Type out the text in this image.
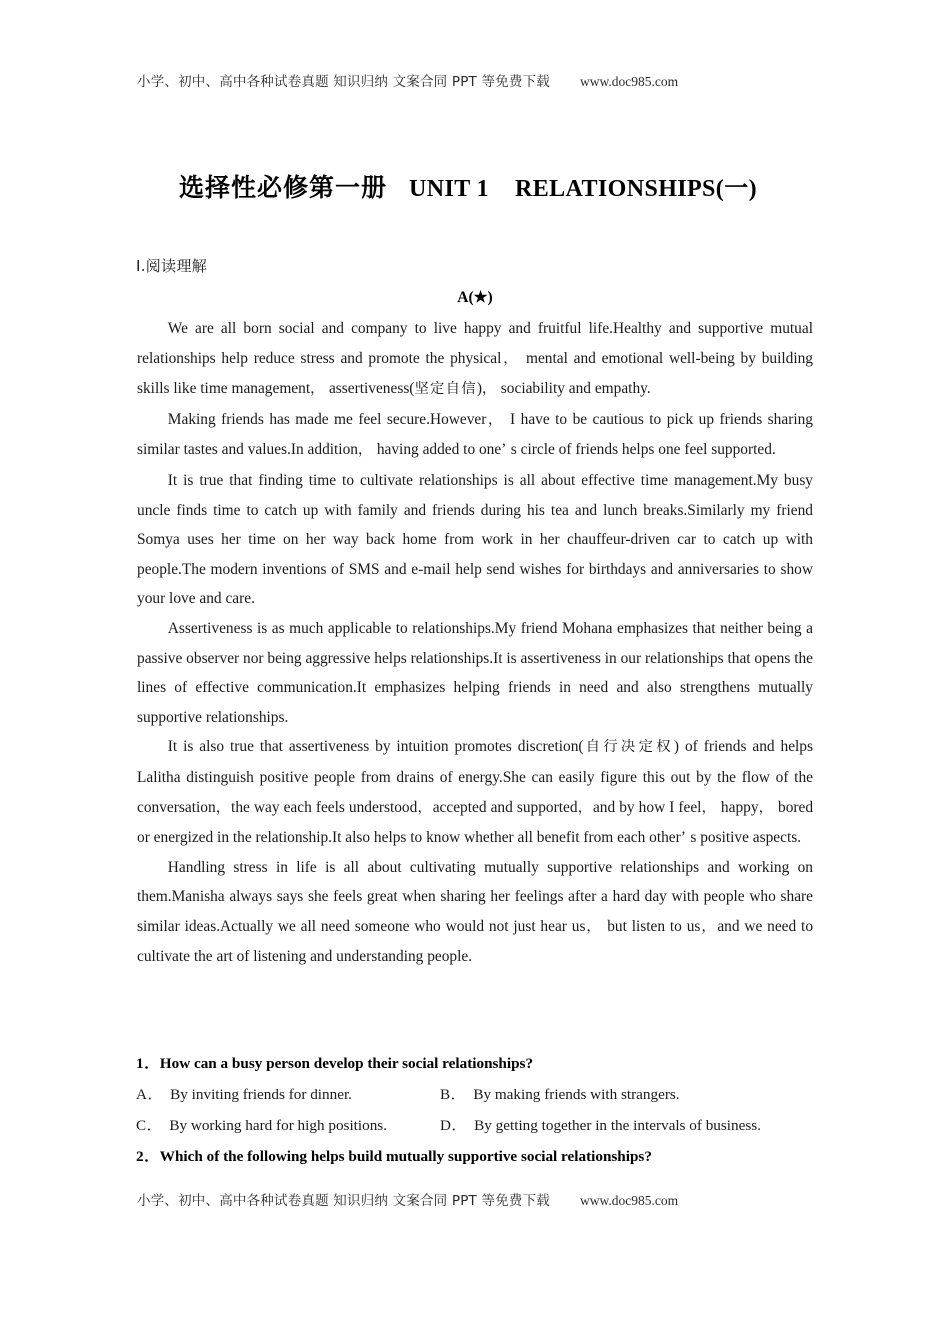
小学、初中、高中各种试卷真题 知识归纳 文案合同 PPT 等免费下载 www.doc985.com
选择性必修第一册 UNIT 1 RELATIONSHIPS(一)
Ⅰ.阅读理解
A(★)

We are all born social and company to live happy and fruitful life.Healthy and supportive mutual relationships help reduce stress and promote the physical， mental and emotional well-being by building skills like time management， assertiveness(坚定自信)， sociability and empathy.

Making friends has made me feel secure.However， I have to be cautious to pick up friends sharing similar tastes and values.In addition， having added to one’ s circle of friends helps one feel supported.

It is true that finding time to cultivate relationships is all about effective time management.My busy uncle finds time to catch up with family and friends during his tea and lunch breaks.Similarly my friend Somya uses her time on her way back home from work in her chauffeur-driven car to catch up with people.The modern inventions of SMS and e-mail help send wishes for birthdays and anniversaries to show your love and care.

Assertiveness is as much applicable to relationships.My friend Mohana emphasizes that neither being a passive observer nor being aggressive helps relationships.It is assertiveness in our relationships that opens the lines of effective communication.It emphasizes helping friends in need and also strengthens mutually supportive relationships.

It is also true that assertiveness by intuition promotes discretion(自行决定权) of friends and helps Lalitha distinguish positive people from drains of energy.She can easily figure this out by the flow of the conversation，the way each feels understood，accepted and supported，and by how I feel， happy， bored or energized in the relationship.It also helps to know whether all benefit from each other’ s positive aspects.

Handling stress in life is all about cultivating mutually supportive relationships and working on them.Manisha always says she feels great when sharing her feelings after a hard day with people who share similar ideas.Actually we all need someone who would not just hear us， but listen to us，and we need to cultivate the art of listening and understanding people.

1．How can a busy person develop their social relationships?
A． By inviting friends for dinner.	B． By making friends with strangers.
C． By working hard for high positions.	D． By getting together in the intervals of business.
2．Which of the following helps build mutually supportive social relationships?
小学、初中、高中各种试卷真题 知识归纳 文案合同 PPT 等免费下载 www.doc985.com
